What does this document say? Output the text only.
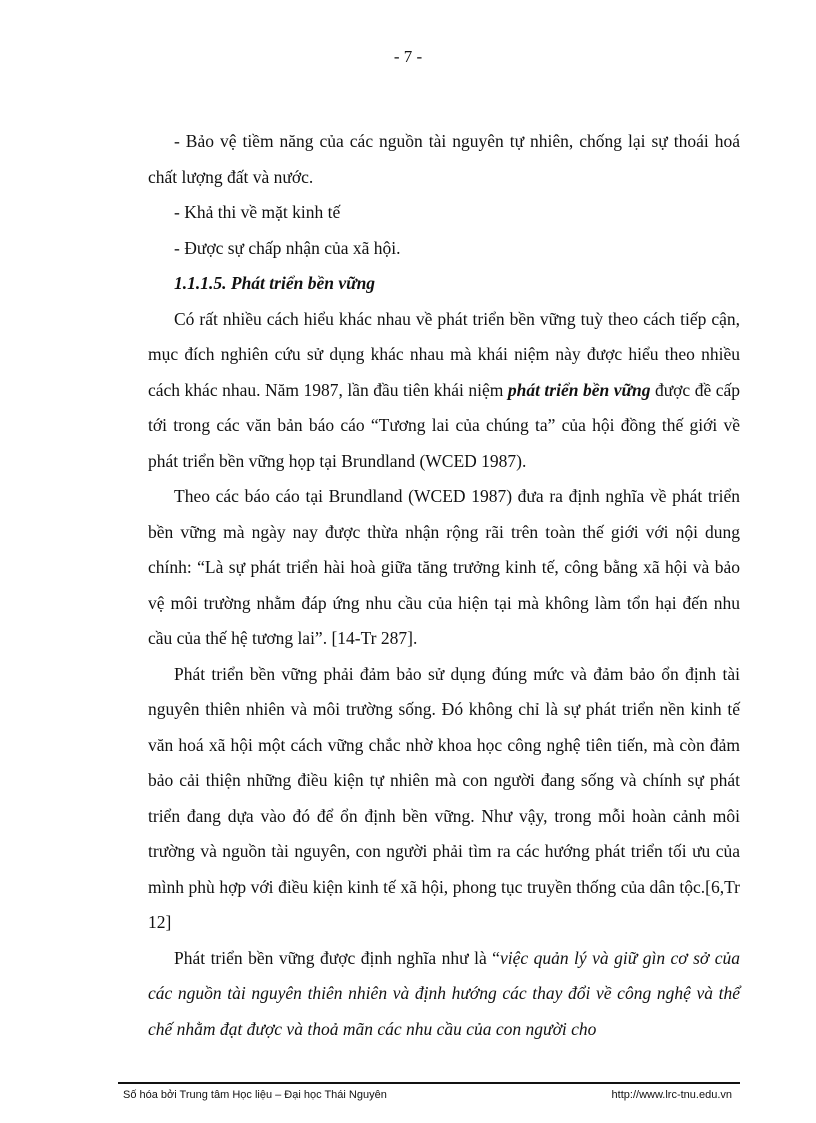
- 7 -

- Bảo vệ tiềm năng của các nguồn tài nguyên tự nhiên, chống lại sự thoái hoá chất lượng đất và nước.

- Khả thi về mặt kinh tế

- Được sự chấp nhận của xã hội.

1.1.1.5. Phát triển bền vững

Có rất nhiều cách hiểu khác nhau về phát triển bền vững tuỳ theo cách tiếp cận, mục đích nghiên cứu sử dụng khác nhau mà khái niệm này được hiểu theo nhiều cách khác nhau. Năm 1987, lần đầu tiên khái niệm phát triển bền vững được đề cấp tới trong các văn bản báo cáo “Tương lai của chúng ta” của hội đồng thế giới về phát triển bền vững họp tại Brundland (WCED 1987).

Theo các báo cáo tại Brundland (WCED 1987) đưa ra định nghĩa về phát triển bền vững mà ngày nay được thừa nhận rộng rãi trên toàn thế giới với nội dung chính: “Là sự phát triển hài hoà giữa tăng trưởng kinh tế, công bằng xã hội và bảo vệ môi trường nhằm đáp ứng nhu cầu của hiện tại mà không làm tổn hại đến nhu cầu của thế hệ tương lai”. [14-Tr 287].

Phát triển bền vững phải đảm bảo sử dụng đúng mức và đảm bảo ổn định tài nguyên thiên nhiên và môi trường sống. Đó không chỉ là sự phát triển nền kinh tế văn hoá xã hội một cách vững chắc nhờ khoa học công nghệ tiên tiến, mà còn đảm bảo cải thiện những điều kiện tự nhiên mà con người đang sống và chính sự phát triển đang dựa vào đó để ổn định bền vững. Như vậy, trong mỗi hoàn cảnh môi trường và nguồn tài nguyên, con người phải tìm ra các hướng phát triển tối ưu của mình phù hợp với điều kiện kinh tế xã hội, phong tục truyền thống của dân tộc.[6,Tr 12]

Phát triển bền vững được định nghĩa như là “việc quản lý và giữ gìn cơ sở của các nguồn tài nguyên thiên nhiên và định hướng các thay đổi về công nghệ và thể chế nhằm đạt được và thoả mãn các nhu cầu của con người cho

Số hóa bởi Trung tâm Học liệu – Đại học Thái Nguyên	http://www.lrc-tnu.edu.vn
